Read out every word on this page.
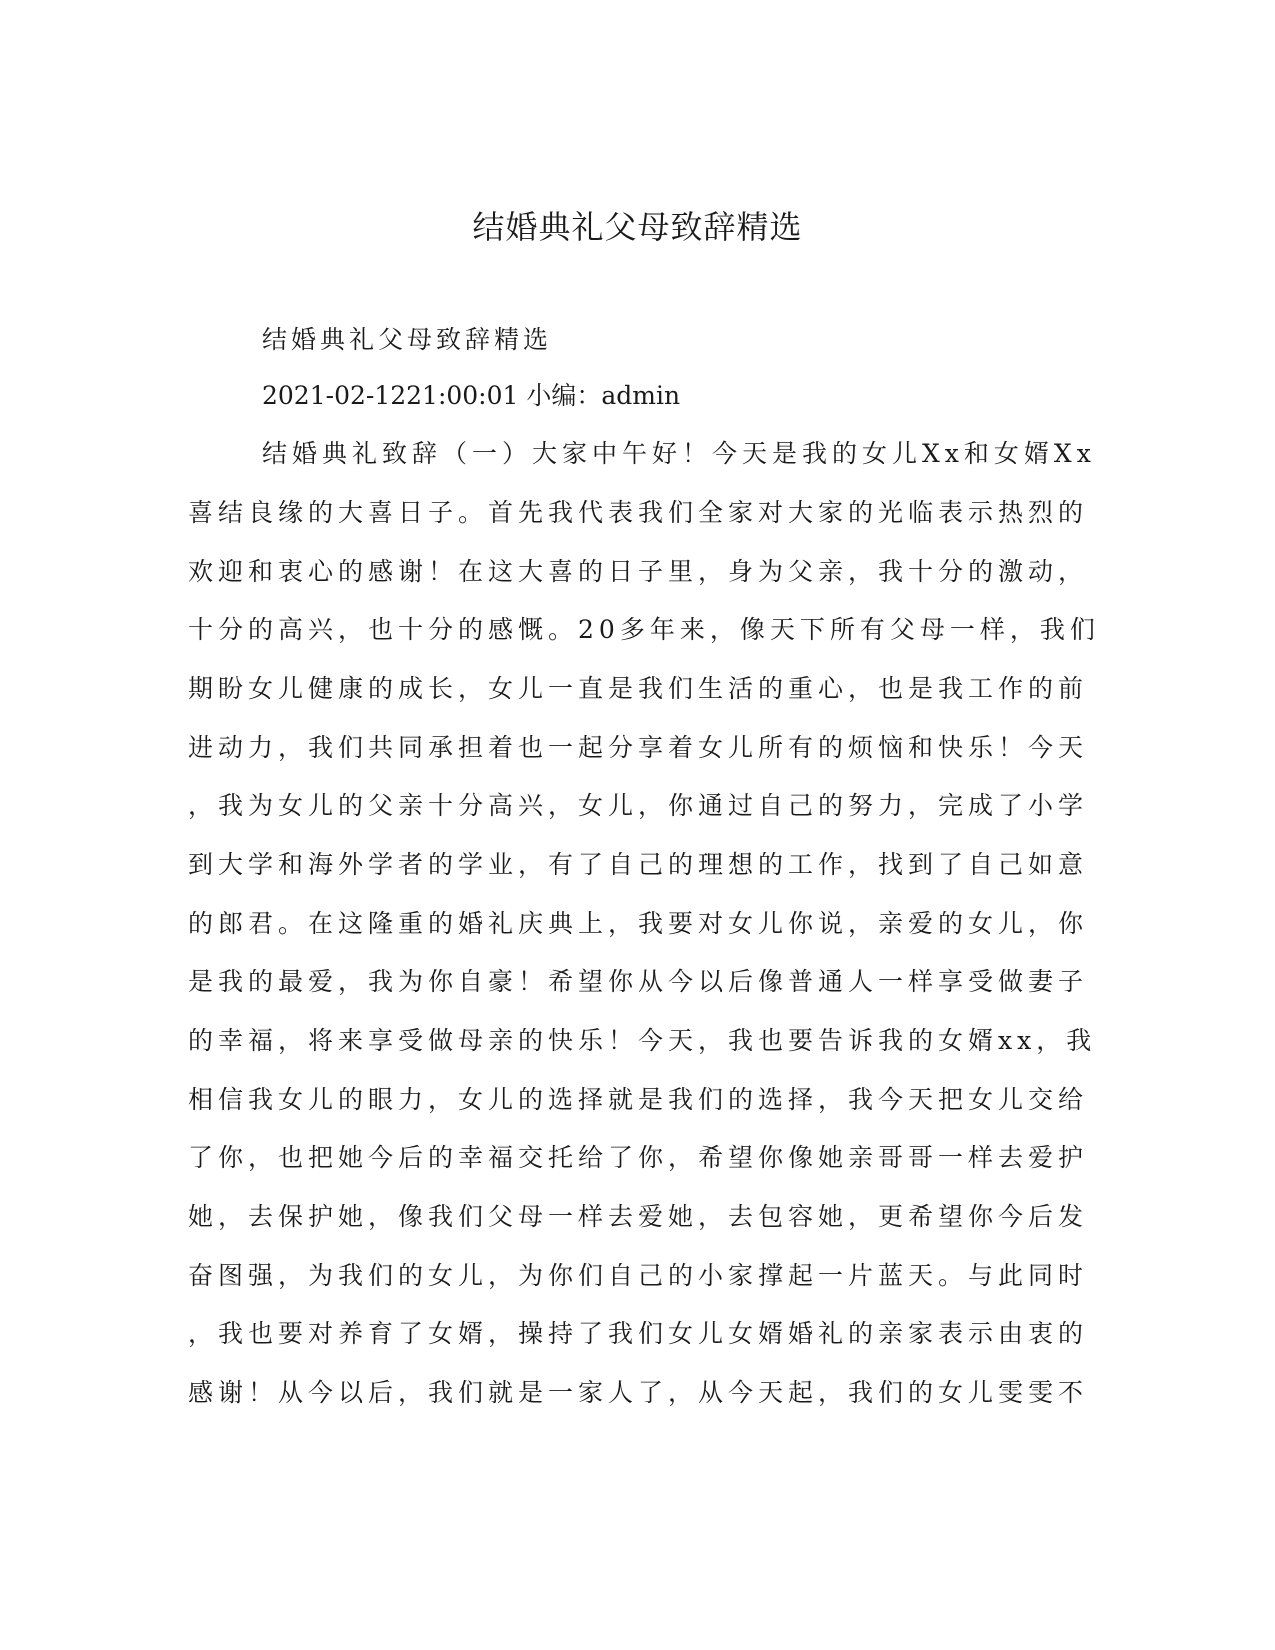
结婚典礼父母致辞精选

结婚典礼父母致辞精选

2021-02-1221:00:01 小编：admin

结婚典礼致辞（一）大家中午好！今天是我的女儿Xx和女婿Xx

喜结良缘的大喜日子。首先我代表我们全家对大家的光临表示热烈的

欢迎和衷心的感谢！在这大喜的日子里，身为父亲，我十分的激动，

十分的高兴，也十分的感慨。20多年来，像天下所有父母一样，我们

期盼女儿健康的成长，女儿一直是我们生活的重心，也是我工作的前

进动力，我们共同承担着也一起分享着女儿所有的烦恼和快乐！今天

，我为女儿的父亲十分高兴，女儿，你通过自己的努力，完成了小学

到大学和海外学者的学业，有了自己的理想的工作，找到了自己如意

的郎君。在这隆重的婚礼庆典上，我要对女儿你说，亲爱的女儿，你

是我的最爱，我为你自豪！希望你从今以后像普通人一样享受做妻子

的幸福，将来享受做母亲的快乐！今天，我也要告诉我的女婿xx，我

相信我女儿的眼力，女儿的选择就是我们的选择，我今天把女儿交给

了你，也把她今后的幸福交托给了你，希望你像她亲哥哥一样去爱护

她，去保护她，像我们父母一样去爱她，去包容她，更希望你今后发

奋图强，为我们的女儿，为你们自己的小家撑起一片蓝天。与此同时

，我也要对养育了女婿，操持了我们女儿女婿婚礼的亲家表示由衷的

感谢！从今以后，我们就是一家人了，从今天起，我们的女儿雯雯不
